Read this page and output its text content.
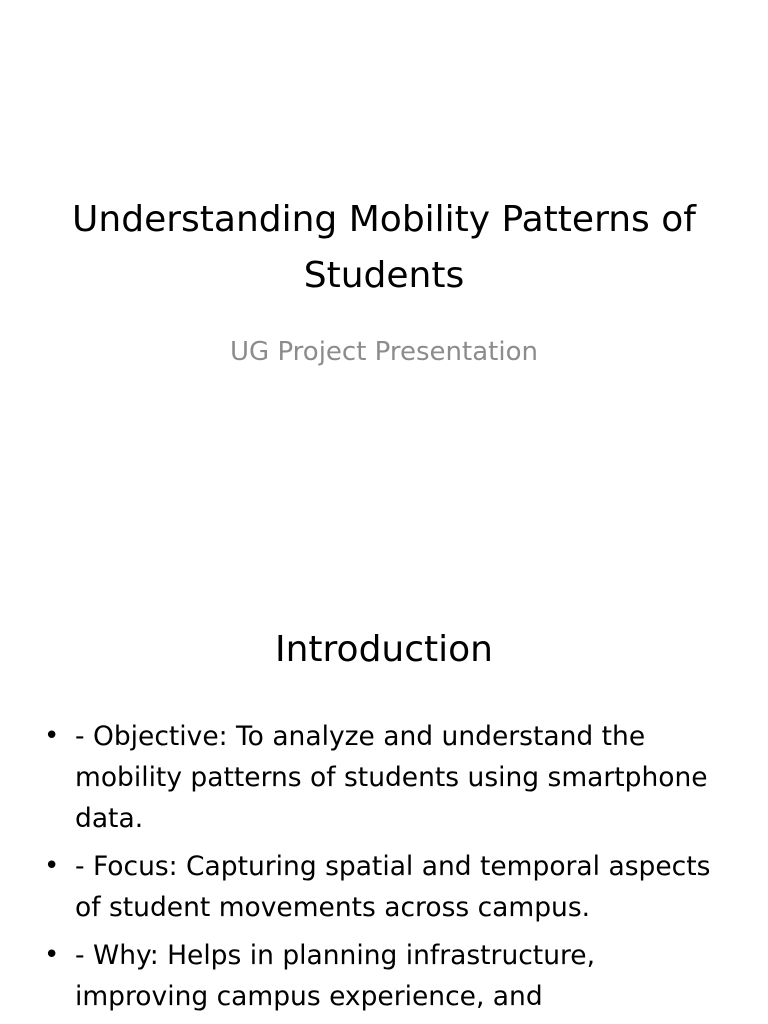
Understanding Mobility Patterns of Students

UG Project Presentation

Introduction
• - Objective: To analyze and understand the mobility patterns of students using smartphone data.
• - Focus: Capturing spatial and temporal aspects of student movements across campus.
• - Why: Helps in planning infrastructure, improving campus experience, and
